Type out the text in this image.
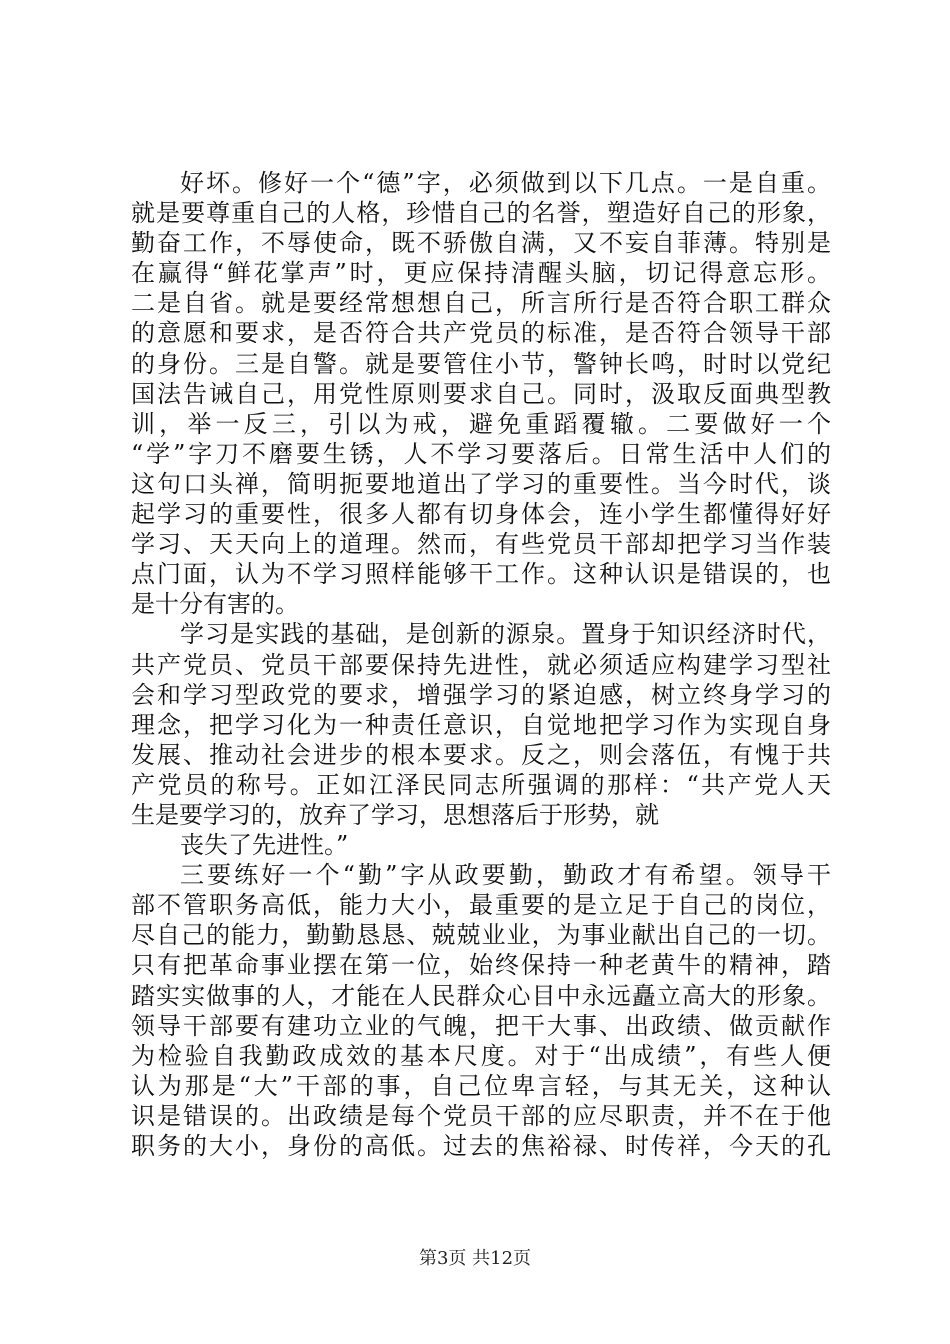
好坏。修好一个“德”字，必须做到以下几点。一是自重。
就是要尊重自己的人格，珍惜自己的名誉，塑造好自己的形象，
勤奋工作，不辱使命，既不骄傲自满，又不妄自菲薄。特别是
在赢得“鲜花掌声”时，更应保持清醒头脑，切记得意忘形。
二是自省。就是要经常想想自己，所言所行是否符合职工群众
的意愿和要求，是否符合共产党员的标准，是否符合领导干部
的身份。三是自警。就是要管住小节，警钟长鸣，时时以党纪
国法告诫自己，用党性原则要求自己。同时，汲取反面典型教
训，举一反三，引以为戒，避免重蹈覆辙。二要做好一个
“学”字刀不磨要生锈，人不学习要落后。日常生活中人们的
这句口头禅，简明扼要地道出了学习的重要性。当今时代，谈
起学习的重要性，很多人都有切身体会，连小学生都懂得好好
学习、天天向上的道理。然而，有些党员干部却把学习当作装
点门面，认为不学习照样能够干工作。这种认识是错误的，也
是十分有害的。
学习是实践的基础，是创新的源泉。置身于知识经济时代，
共产党员、党员干部要保持先进性，就必须适应构建学习型社
会和学习型政党的要求，增强学习的紧迫感，树立终身学习的
理念，把学习化为一种责任意识，自觉地把学习作为实现自身
发展、推动社会进步的根本要求。反之，则会落伍，有愧于共
产党员的称号。正如江泽民同志所强调的那样：“共产党人天
生是要学习的，放弃了学习，思想落后于形势，就
丧失了先进性。”
三要练好一个“勤”字从政要勤，勤政才有希望。领导干
部不管职务高低，能力大小，最重要的是立足于自己的岗位，
尽自己的能力，勤勤恳恳、兢兢业业，为事业献出自己的一切。
只有把革命事业摆在第一位，始终保持一种老黄牛的精神，踏
踏实实做事的人，才能在人民群众心目中永远矗立高大的形象。
领导干部要有建功立业的气魄，把干大事、出政绩、做贡献作
为检验自我勤政成效的基本尺度。对于“出成绩”，有些人便
认为那是“大”干部的事，自己位卑言轻，与其无关，这种认
识是错误的。出政绩是每个党员干部的应尽职责，并不在于他
职务的大小，身份的高低。过去的焦裕禄、时传祥，今天的孔
第3页 共12页
